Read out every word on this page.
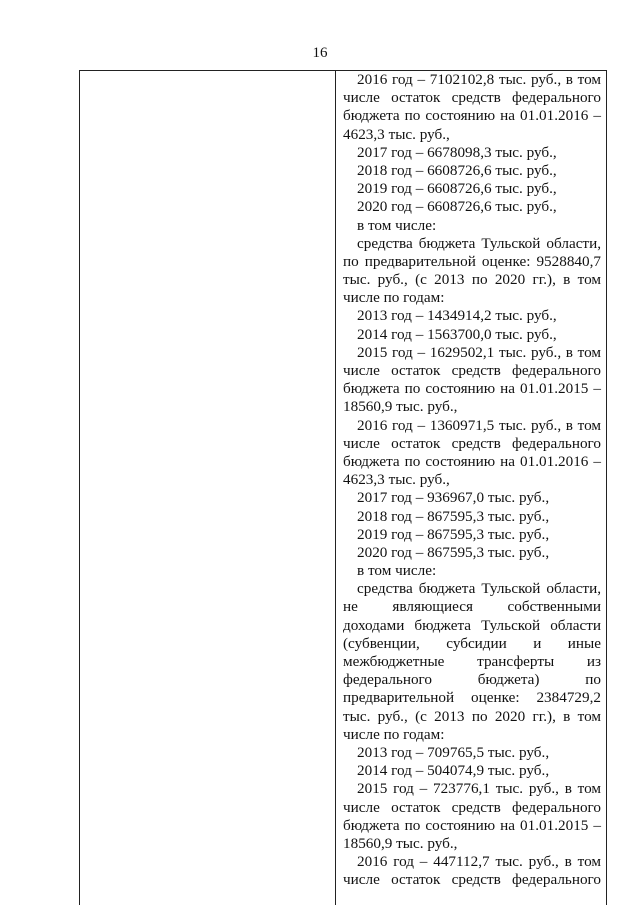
16
2016 год – 7102102,8 тыс. руб., в том
числе остаток средств федерального
бюджета по состоянию на 01.01.2016 –
4623,3 тыс. руб.,
2017 год – 6678098,3 тыс. руб.,
2018 год – 6608726,6 тыс. руб.,
2019 год – 6608726,6 тыс. руб.,
2020 год – 6608726,6 тыс. руб.,
в том числе:
средства бюджета Тульской области,
по предварительной оценке: 9528840,7
тыс. руб., (с 2013 по 2020 гг.), в том
числе по годам:
2013 год – 1434914,2 тыс. руб.,
2014 год – 1563700,0 тыс. руб.,
2015 год – 1629502,1 тыс. руб., в том
числе остаток средств федерального
бюджета по состоянию на 01.01.2015 –
18560,9 тыс. руб.,
2016 год – 1360971,5 тыс. руб., в том
числе остаток средств федерального
бюджета по состоянию на 01.01.2016 –
4623,3 тыс. руб.,
2017 год – 936967,0 тыс. руб.,
2018 год – 867595,3 тыс. руб.,
2019 год – 867595,3 тыс. руб.,
2020 год – 867595,3 тыс. руб.,
в том числе:
средства бюджета Тульской области,
не являющиеся собственными
доходами бюджета Тульской области
(субвенции, субсидии и иные
межбюджетные трансферты из
федерального бюджета) по
предварительной оценке: 2384729,2
тыс. руб., (с 2013 по 2020 гг.), в том
числе по годам:
2013 год – 709765,5 тыс. руб.,
2014 год – 504074,9 тыс. руб.,
2015 год – 723776,1 тыс. руб., в том
числе остаток средств федерального
бюджета по состоянию на 01.01.2015 –
18560,9 тыс. руб.,
2016 год – 447112,7 тыс. руб., в том
числе остаток средств федерального
